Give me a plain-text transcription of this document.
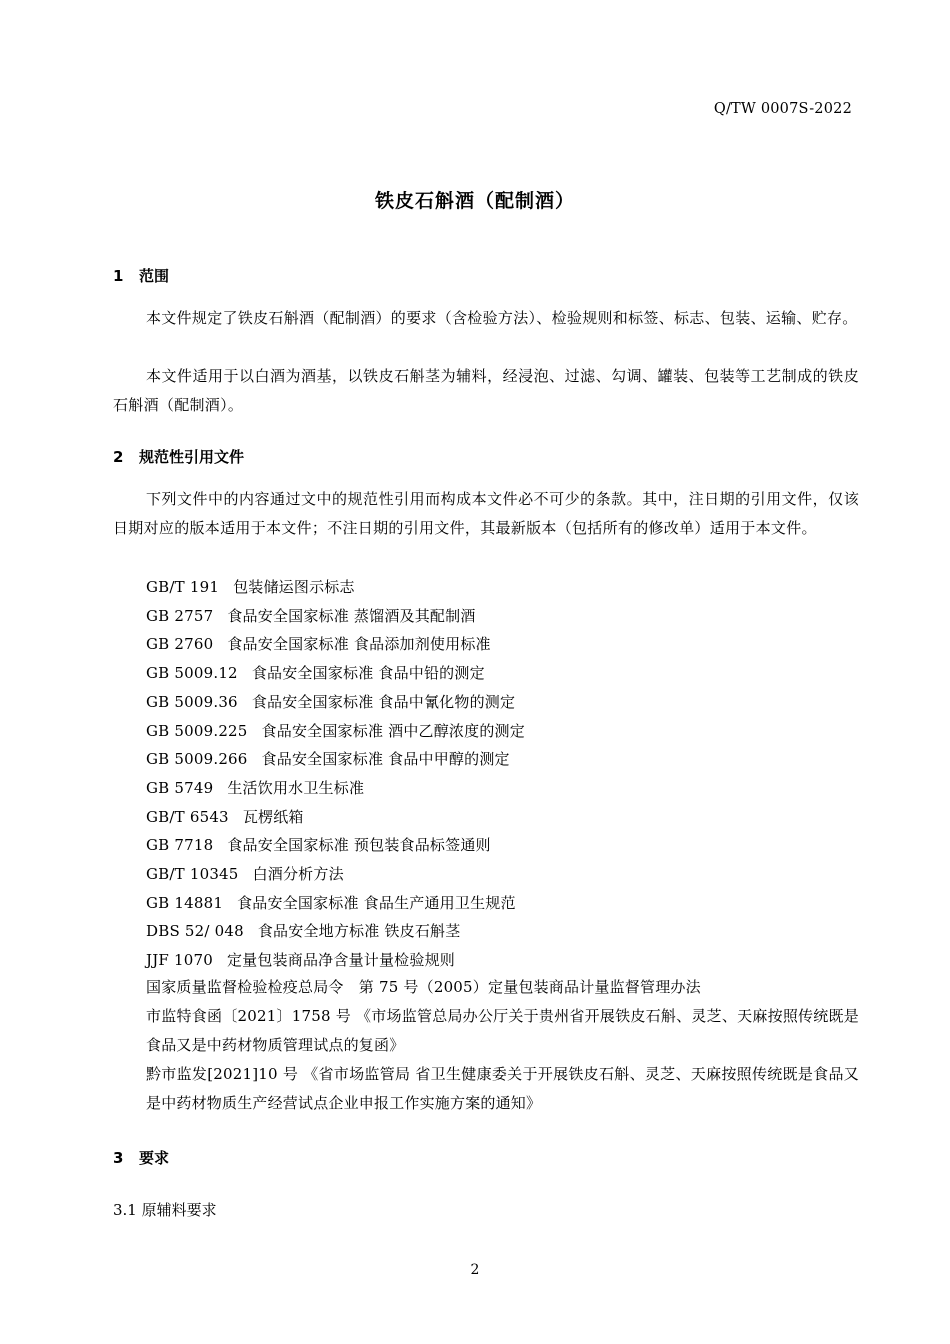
Q/TW 0007S-2022
铁皮石斛酒（配制酒）
1 范围

本文件规定了铁皮石斛酒（配制酒）的要求（含检验方法）、检验规则和标签、标志、包装、运输、贮存。

本文件适用于以白酒为酒基，以铁皮石斛茎为辅料，经浸泡、过滤、勾调、罐装、包装等工艺制成的铁皮石斛酒（配制酒）。

2 规范性引用文件

下列文件中的内容通过文中的规范性引用而构成本文件必不可少的条款。其中，注日期的引用文件，仅该日期对应的版本适用于本文件；不注日期的引用文件，其最新版本（包括所有的修改单）适用于本文件。

GB/T 191 包装储运图示标志
GB 2757 食品安全国家标准 蒸馏酒及其配制酒
GB 2760 食品安全国家标准 食品添加剂使用标准
GB 5009.12 食品安全国家标准 食品中铅的测定
GB 5009.36 食品安全国家标准 食品中氰化物的测定
GB 5009.225 食品安全国家标准 酒中乙醇浓度的测定
GB 5009.266 食品安全国家标准 食品中甲醇的测定
GB 5749 生活饮用水卫生标准
GB/T 6543 瓦楞纸箱
GB 7718 食品安全国家标准 预包装食品标签通则
GB/T 10345 白酒分析方法
GB 14881 食品安全国家标准 食品生产通用卫生规范
DBS 52/ 048 食品安全地方标准 铁皮石斛茎
JJF 1070 定量包装商品净含量计量检验规则
国家质量监督检验检疫总局令　第 75 号（2005）定量包装商品计量监督管理办法
市监特食函〔2021〕1758 号 《市场监管总局办公厅关于贵州省开展铁皮石斛、灵芝、天麻按照传统既是食品又是中药材物质管理试点的复函》
黔市监发[2021]10 号 《省市场监管局 省卫生健康委关于开展铁皮石斛、灵芝、天麻按照传统既是食品又是中药材物质生产经营试点企业申报工作实施方案的通知》
3 要求
3.1 原辅料要求
2
